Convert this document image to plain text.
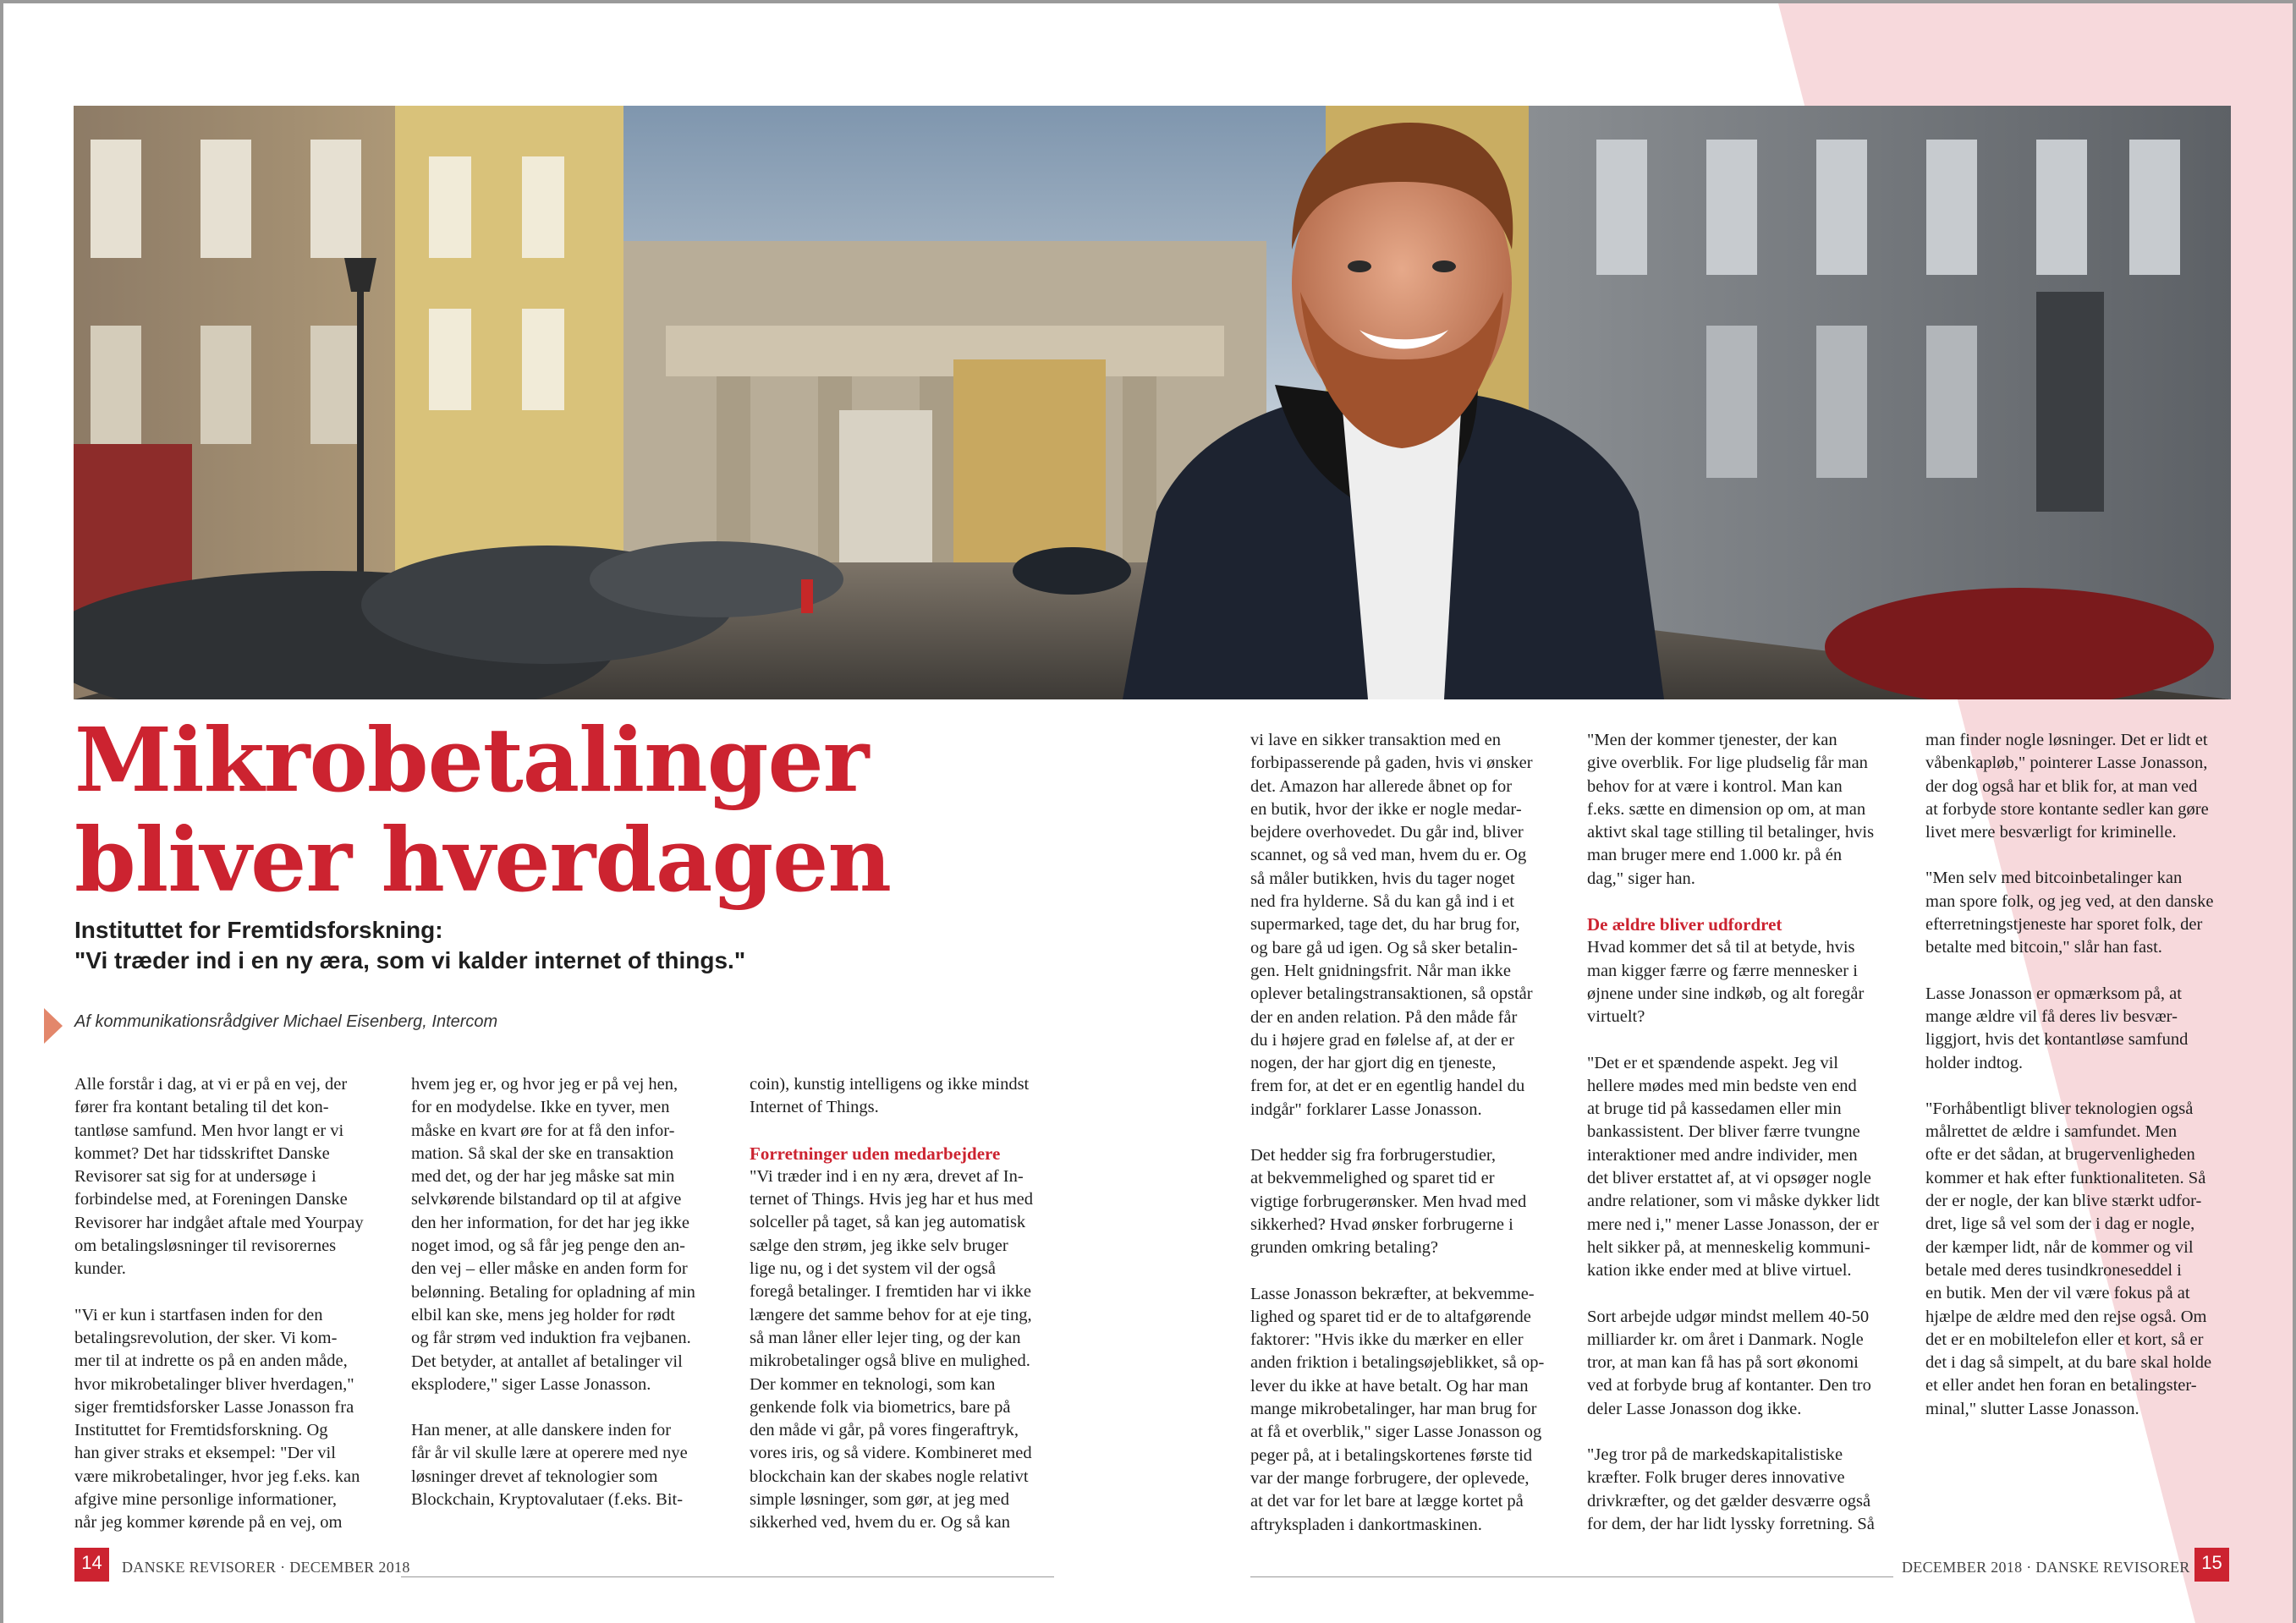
Mikrobetalinger
bliver hverdagen
Instituttet for Fremtidsforskning:
"Vi træder ind i en ny æra, som vi kalder internet of things."
Af kommunikationsrådgiver Michael Eisenberg, Intercom

Alle forstår i dag, at vi er på en vej, der
fører fra kontant betaling til det kon-
tantløse samfund. Men hvor langt er vi
kommet? Det har tidsskriftet Danske
Revisorer sat sig for at undersøge i
forbindelse med, at Foreningen Danske
Revisorer har indgået aftale med Yourpay
om betalingsløsninger til revisorernes
kunder.

"Vi er kun i startfasen inden for den
betalingsrevolution, der sker. Vi kom-
mer til at indrette os på en anden måde,
hvor mikrobetalinger bliver hverdagen,"
siger fremtidsforsker Lasse Jonasson fra
Instituttet for Fremtidsforskning. Og
han giver straks et eksempel: "Der vil
være mikrobetalinger, hvor jeg f.eks. kan
afgive mine personlige informationer,
når jeg kommer kørende på en vej, om

hvem jeg er, og hvor jeg er på vej hen,
for en modydelse. Ikke en tyver, men
måske en kvart øre for at få den infor-
mation. Så skal der ske en transaktion
med det, og der har jeg måske sat min
selvkørende bilstandard op til at afgive
den her information, for det har jeg ikke
noget imod, og så får jeg penge den an-
den vej – eller måske en anden form for
belønning. Betaling for opladning af min
elbil kan ske, mens jeg holder for rødt
og får strøm ved induktion fra vejbanen.
Det betyder, at antallet af betalinger vil
eksplodere," siger Lasse Jonasson.

Han mener, at alle danskere inden for
får år vil skulle lære at operere med nye
løsninger drevet af teknologier som
Blockchain, Kryptovalutaer (f.eks. Bit-

coin), kunstig intelligens og ikke mindst
Internet of Things.

Forretninger uden medarbejdere

"Vi træder ind i en ny æra, drevet af In-
ternet of Things. Hvis jeg har et hus med
solceller på taget, så kan jeg automatisk
sælge den strøm, jeg ikke selv bruger
lige nu, og i det system vil der også
foregå betalinger. I fremtiden har vi ikke
længere det samme behov for at eje ting,
så man låner eller lejer ting, og der kan
mikrobetalinger også blive en mulighed.
Der kommer en teknologi, som kan
genkende folk via biometrics, bare på
den måde vi går, på vores fingeraftryk,
vores iris, og så videre. Kombineret med
blockchain kan der skabes nogle relativt
simple løsninger, som gør, at jeg med
sikkerhed ved, hvem du er. Og så kan

vi lave en sikker transaktion med en
forbipasserende på gaden, hvis vi ønsker
det. Amazon har allerede åbnet op for
en butik, hvor der ikke er nogle medar-
bejdere overhovedet. Du går ind, bliver
scannet, og så ved man, hvem du er. Og
så måler butikken, hvis du tager noget
ned fra hylderne. Så du kan gå ind i et
supermarked, tage det, du har brug for,
og bare gå ud igen. Og så sker betalin-
gen. Helt gnidningsfrit. Når man ikke
oplever betalingstransaktionen, så opstår
der en anden relation. På den måde får
du i højere grad en følelse af, at der er
nogen, der har gjort dig en tjeneste,
frem for, at det er en egentlig handel du
indgår" forklarer Lasse Jonasson.

Det hedder sig fra forbrugerstudier,
at bekvemmelighed og sparet tid er
vigtige forbrugerønsker. Men hvad med
sikkerhed? Hvad ønsker forbrugerne i
grunden omkring betaling?

Lasse Jonasson bekræfter, at bekvemme-
lighed og sparet tid er de to altafgørende
faktorer: "Hvis ikke du mærker en eller
anden friktion i betalingsøjeblikket, så op-
lever du ikke at have betalt. Og har man
mange mikrobetalinger, har man brug for
at få et overblik," siger Lasse Jonasson og
peger på, at i betalingskortenes første tid
var der mange forbrugere, der oplevede,
at det var for let bare at lægge kortet på
aftrykspladen i dankortmaskinen.

"Men der kommer tjenester, der kan
give overblik. For lige pludselig får man
behov for at være i kontrol. Man kan
f.eks. sætte en dimension op om, at man
aktivt skal tage stilling til betalinger, hvis
man bruger mere end 1.000 kr. på én
dag," siger han.

De ældre bliver udfordret

Hvad kommer det så til at betyde, hvis
man kigger færre og færre mennesker i
øjnene under sine indkøb, og alt foregår
virtuelt?

"Det er et spændende aspekt. Jeg vil
hellere mødes med min bedste ven end
at bruge tid på kassedamen eller min
bankassistent. Der bliver færre tvungne
interaktioner med andre individer, men
det bliver erstattet af, at vi opsøger nogle
andre relationer, som vi måske dykker lidt
mere ned i," mener Lasse Jonasson, der er
helt sikker på, at menneskelig kommuni-
kation ikke ender med at blive virtuel.

Sort arbejde udgør mindst mellem 40-50
milliarder kr. om året i Danmark. Nogle
tror, at man kan få has på sort økonomi
ved at forbyde brug af kontanter. Den tro
deler Lasse Jonasson dog ikke.

"Jeg tror på de markedskapitalistiske
kræfter. Folk bruger deres innovative
drivkræfter, og det gælder desværre også
for dem, der har lidt lyssky forretning. Så

man finder nogle løsninger. Det er lidt et
våbenkapløb," pointerer Lasse Jonasson,
der dog også har et blik for, at man ved
at forbyde store kontante sedler kan gøre
livet mere besværligt for kriminelle.

"Men selv med bitcoinbetalinger kan
man spore folk, og jeg ved, at den danske
efterretningstjeneste har sporet folk, der
betalte med bitcoin," slår han fast.

Lasse Jonasson er opmærksom på, at
mange ældre vil få deres liv besvær-
liggjort, hvis det kontantløse samfund
holder indtog.

"Forhåbentligt bliver teknologien også
målrettet de ældre i samfundet. Men
ofte er det sådan, at brugervenligheden
kommer et hak efter funktionaliteten. Så
der er nogle, der kan blive stærkt udfor-
dret, lige så vel som der i dag er nogle,
der kæmper lidt, når de kommer og vil
betale med deres tusindkroneseddel i
en butik. Men der vil være fokus på at
hjælpe de ældre med den rejse også. Om
det er en mobiltelefon eller et kort, så er
det i dag så simpelt, at du bare skal holde
et eller andet hen foran en betalingster-
minal," slutter Lasse Jonasson.

14	DANSKE REVISORER · DECEMBER 2018	DECEMBER 2018 · DANSKE REVISORER 15
